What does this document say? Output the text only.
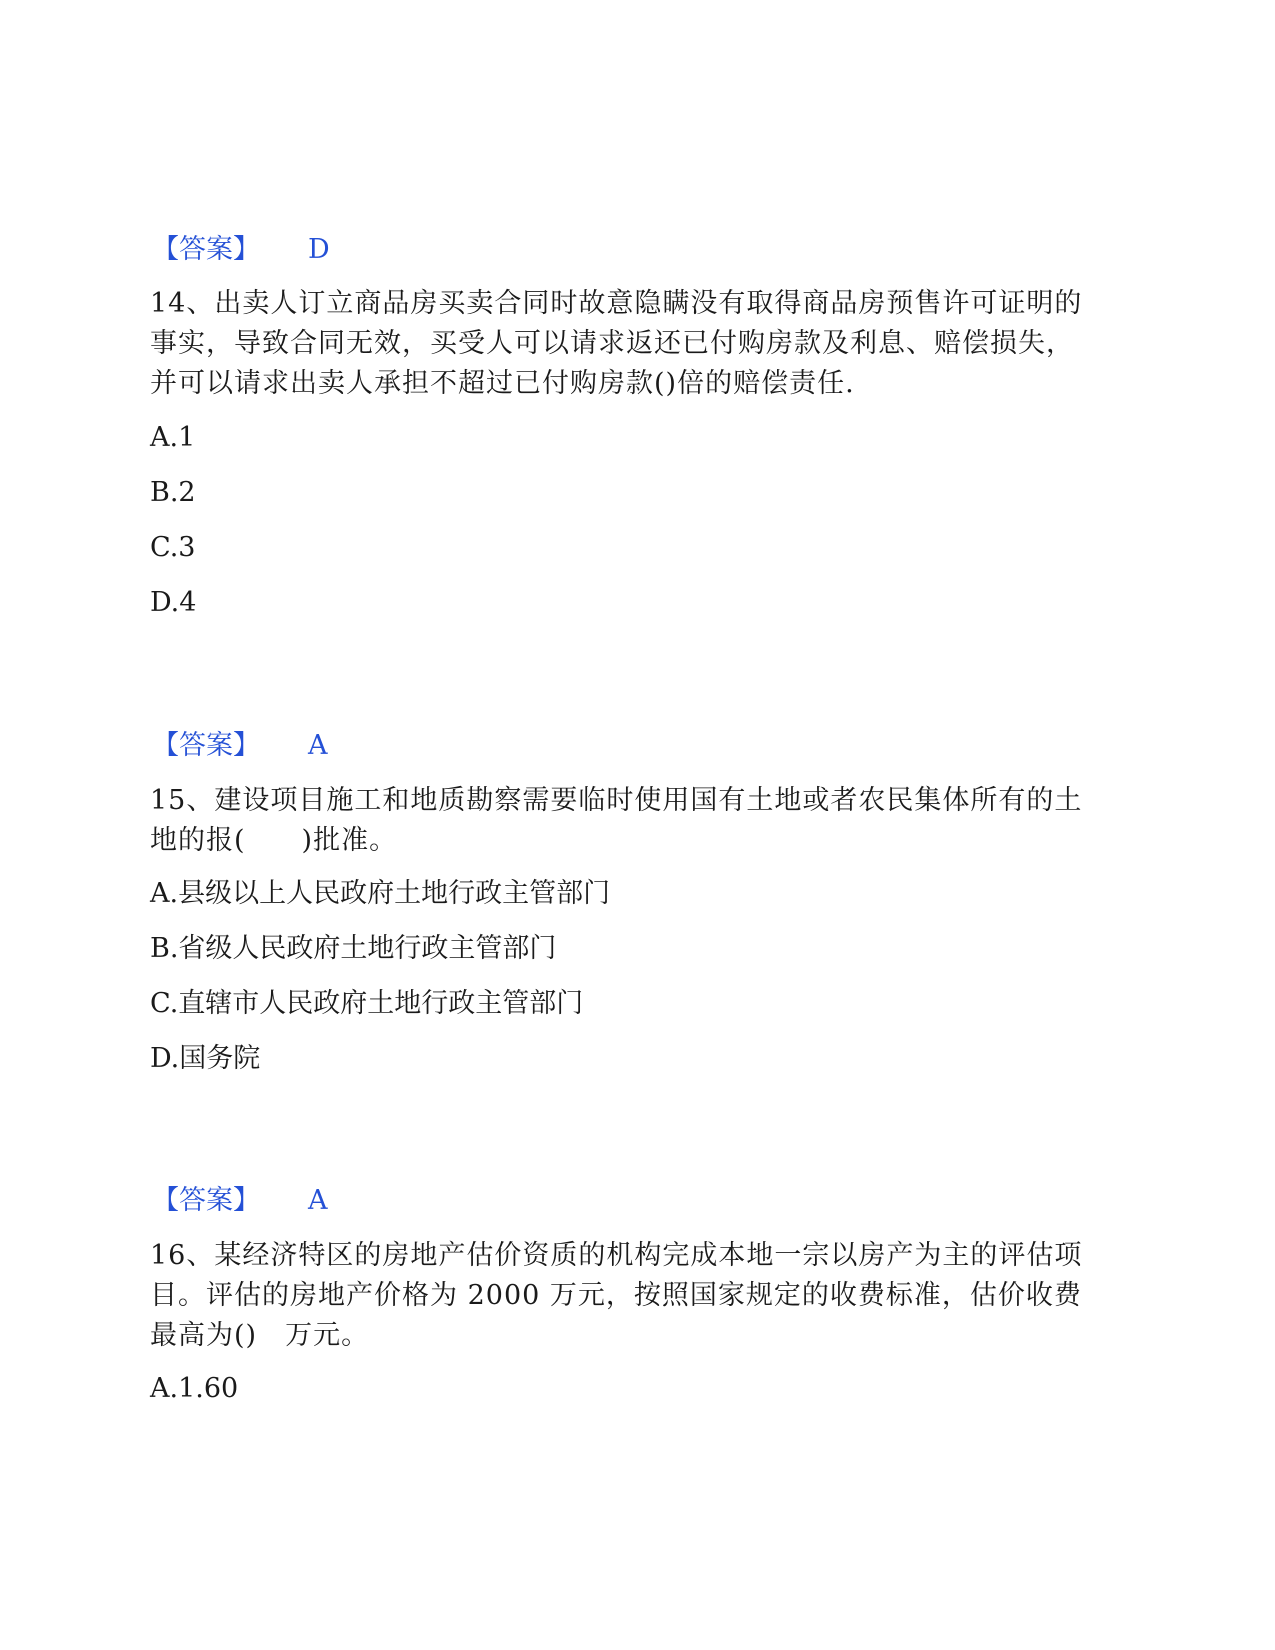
【答案】 D
14、出卖人订立商品房买卖合同时故意隐瞒没有取得商品房预售许可证明的
事实，导致合同无效，买受人可以请求返还已付购房款及利息、赔偿损失，
并可以请求出卖人承担不超过已付购房款()倍的赔偿责任.
A.1
B.2
C.3
D.4
【答案】 A
15、建设项目施工和地质勘察需要临时使用国有土地或者农民集体所有的土
地的报(　　)批准。
A.县级以上人民政府土地行政主管部门
B.省级人民政府土地行政主管部门
C.直辖市人民政府土地行政主管部门
D.国务院
【答案】 A
16、某经济特区的房地产估价资质的机构完成本地一宗以房产为主的评估项
目。评估的房地产价格为 2000 万元，按照国家规定的收费标准，估价收费
最高为()　万元。
A.1.60
